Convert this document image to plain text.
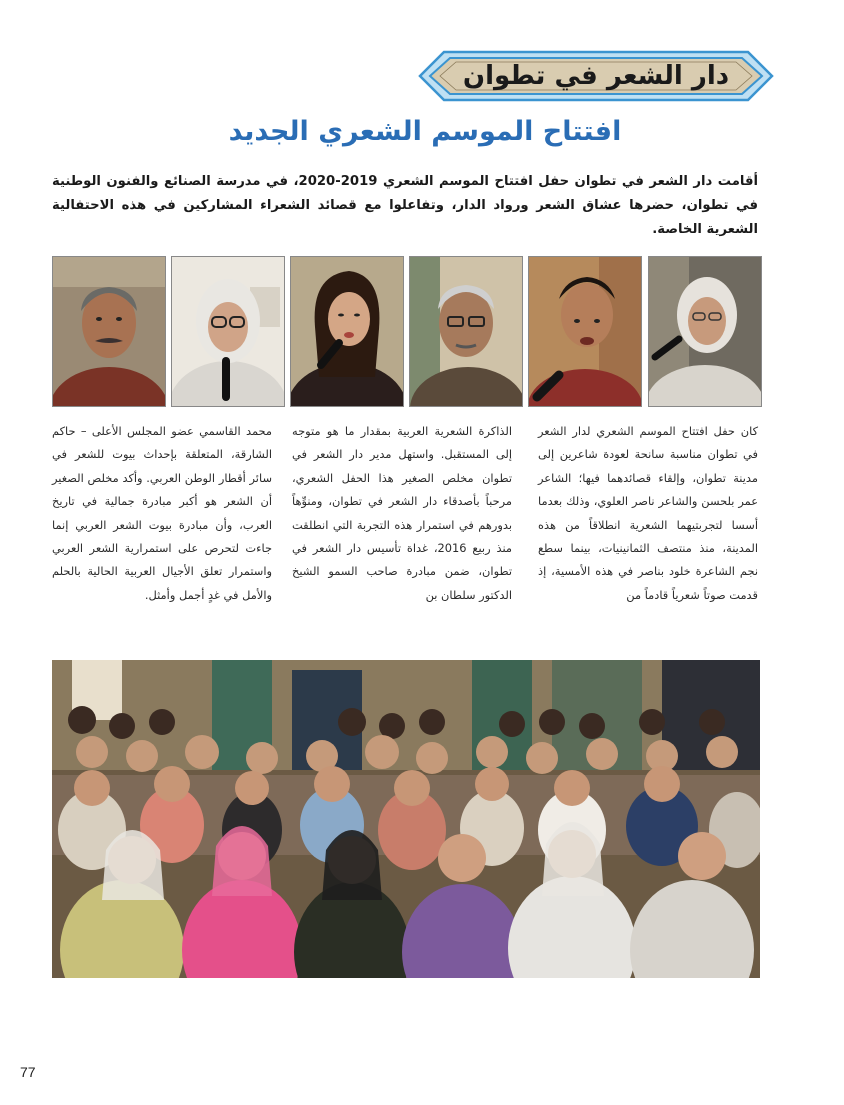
دار الشعر في تطوان
افتتاح الموسم الشعري الجديد
أقامت دار الشعر في تطوان حفل افتتاح الموسم الشعري 2019-2020، في مدرسة الصنائع والفنون الوطنية في تطوان، حضرها عشاق الشعر ورواد الدار، وتفاعلوا مع قصائد الشعراء المشاركين في هذه الاحتفالية الشعرية الخاصة.
كان حفل افتتاح الموسم الشعري لدار الشعر في تطوان مناسبة سانحة لعودة شاعرين إلى مدينة تطوان، وإلقاء قصائدهما فيها؛ الشاعر عمر بلحسن والشاعر ناصر العلوي، وذلك بعدما أسسا لتجربتيهما الشعرية انطلاقاً من هذه المدينة، منذ منتصف الثمانينيات، بينما سطع نجم الشاعرة خلود بناصر في هذه الأمسية، إذ قدمت صوتاً شعرياً قادماً من
الذاكرة الشعرية العربية بمقدار ما هو متوجه إلى المستقبل. واستهل مدير دار الشعر في تطوان مخلص الصغير هذا الحفل الشعري، مرحباً بأصدقاء دار الشعر في تطوان، ومنوِّهاً بدورهم في استمرار هذه التجربة التي انطلقت منذ ربيع 2016، غداة تأسيس دار الشعر في تطوان، ضمن مبادرة صاحب السمو الشيخ الدكتور سلطان بن
محمد القاسمي عضو المجلس الأعلى – حاكم الشارقة، المتعلقة بإحداث بيوت للشعر في سائر أقطار الوطن العربي. وأكد مخلص الصغير أن الشعر هو أكبر مبادرة جمالية في تاريخ العرب، وأن مبادرة بيوت الشعر العربي إنما جاءت لتحرص على استمرارية الشعر العربي واستمرار تعلق الأجيال العربية الحالية بالحلم والأمل في غدٍ أجمل وأمثل.
77
